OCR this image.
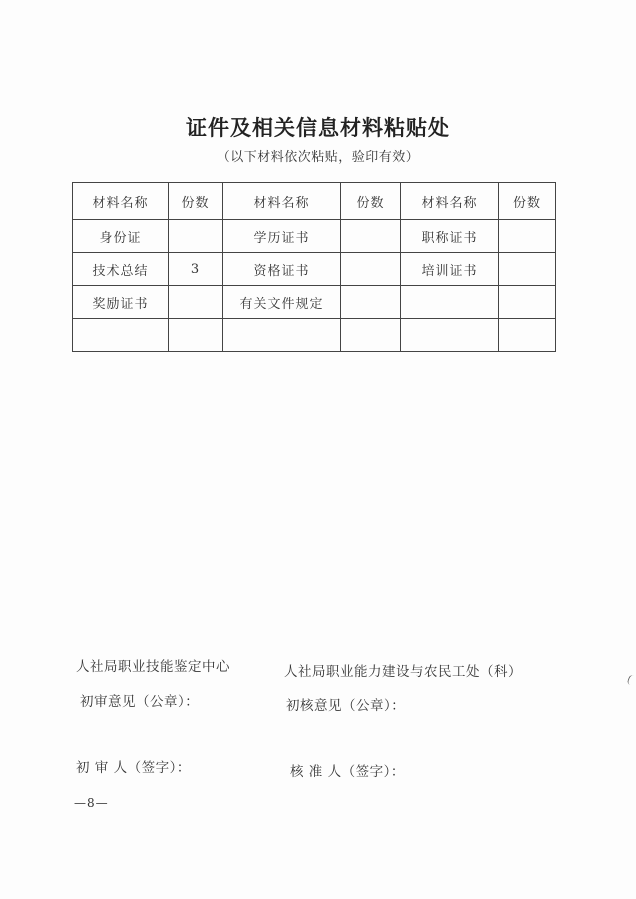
证件及相关信息材料粘贴处
（以下材料依次粘贴，验印有效）
材料名称	份数	材料名称	份数	材料名称	份数
身份证		学历证书		职称证书	
技术总结	3	资格证书		培训证书	
奖励证书		有关文件规定			

人社局职业技能鉴定中心
初审意见（公章）：
人社局职业能力建设与农民工处（科）
初核意见（公章）：
初 审 人（签字）：	核 准 人（签字）：
—8—
